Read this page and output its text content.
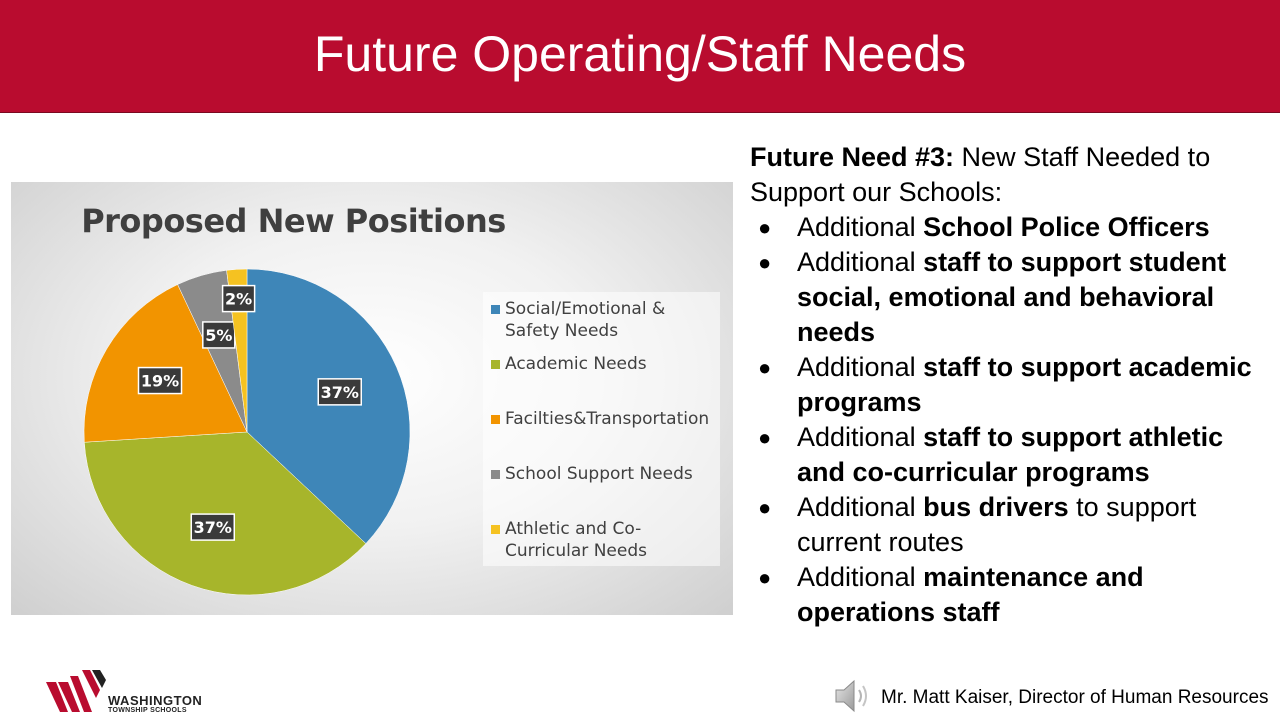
Future Operating/Staff Needs
Proposed New Positions
37%
37%
19%
5%
2%	Social/Emotional &
Safety Needs
Academic Needs
Facilties&Transportation
School Support Needs
Athletic and Co-
Curricular Needs

Future Need #3: New Staff Needed to Support our Schools:

● Additional School Police Officers
● Additional staff to support student social, emotional and behavioral needs
● Additional staff to support academic programs
● Additional staff to support athletic and co-curricular programs
● Additional bus drivers to support current routes
● Additional maintenance and operations staff
WASHINGTON
TOWNSHIP SCHOOLS
Mr. Matt Kaiser, Director of Human Resources
